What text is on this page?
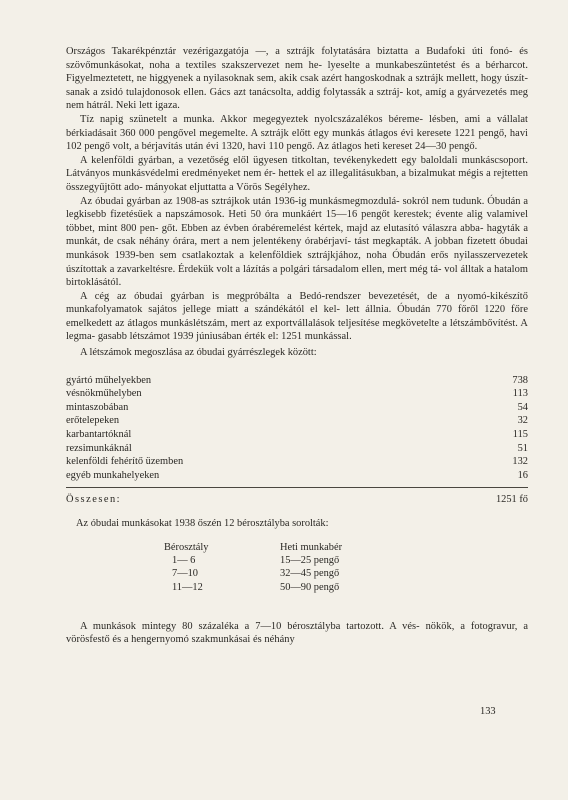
Országos Takarékpénztár vezérigazgatója —, a sztrájk folytatására biztatta a Budafoki úti fonó- és szövőmunkásokat, noha a textiles szakszervezet nem he- lyeselte a munkabeszüntetést és a bérharcot. Figyelmeztetett, ne higgyenek a nyilasoknak sem, akik csak azért hangoskodnak a sztrájk mellett, hogy úszít- sanak a zsidó tulajdonosok ellen. Gács azt tanácsolta, addig folytassák a sztráj- kot, amíg a gyárvezetés meg nem hátrál. Neki lett igaza.

Tíz napig szünetelt a munka. Akkor megegyeztek nyolcszázalékos béreme- lésben, ami a vállalat bérkiadásait 360 000 pengővel megemelte. A sztrájk előtt egy munkás átlagos évi keresete 1221 pengő, havi 102 pengő volt, a bérjavítás után évi 1320, havi 110 pengő. Az átlagos heti kereset 24—30 pengő.

A kelenföldi gyárban, a vezetőség elől ügyesen titkoltan, tevékenykedett egy baloldali munkáscsoport. Látványos munkásvédelmi eredményeket nem ér- hettek el az illegalitásukban, a bizalmukat mégis a rejtetten összegyűjtött ado- mányokat eljuttatta a Vörös Segélyhez.

Az óbudai gyárban az 1908-as sztrájkok után 1936-ig munkásmegmozdulá- sokról nem tudunk. Óbudán a legkisebb fizetésűek a napszámosok. Heti 50 óra munkáért 15—16 pengőt kerestek; évente alig valamivel többet, mint 800 pen- gőt. Ebben az évben órabéremelést kértek, majd az elutasító válaszra abba- hagyták a munkát, de csak néhány órára, mert a nem jelentékeny órabérjaví- tást megkapták. A jobban fizetett óbudai munkások 1939-ben sem csatlakoztak a kelenföldiek sztrájkjához, noha Óbudán erős nyilasszervezetek úszítottak a zavarkeltésre. Érdekük volt a lázítás a polgári társadalom ellen, mert még tá- vol álltak a hatalom birtoklásától.

A cég az óbudai gyárban is megpróbálta a Bedó-rendszer bevezetését, de a nyomó-kikészítő munkafolyamatok sajátos jellege miatt a szándékától el kel- lett állnia. Óbudán 770 főről 1220 főre emelkedett az átlagos munkáslétszám, mert az exportvállalások teljesítése megkövetelte a létszámbővítést. A legma- gasabb létszámot 1939 júniusában érték el: 1251 munkással.

A létszámok megoszlása az óbudai gyárrészlegek között:

gyártó műhelyekben	738
vésnökműhelyben	113
mintaszobában	54
erőtelepeken	32
karbantartóknál	115
rezsimunkáknál	51
kelenföldi fehérítő üzemben	132
egyéb munkahelyeken	16
Összesen:	1251 fő

Az óbudai munkásokat 1938 őszén 12 bérosztályba sorolták:

Bérosztály	Heti munkabér
1— 6	15—25 pengő
7—10	32—45 pengő
11—12	50—90 pengő

A munkások mintegy 80 százaléka a 7—10 bérosztályba tartozott. A vés- nökök, a fotogravur, a vörösfestő és a hengernyomó szakmunkásai és néhány

133
